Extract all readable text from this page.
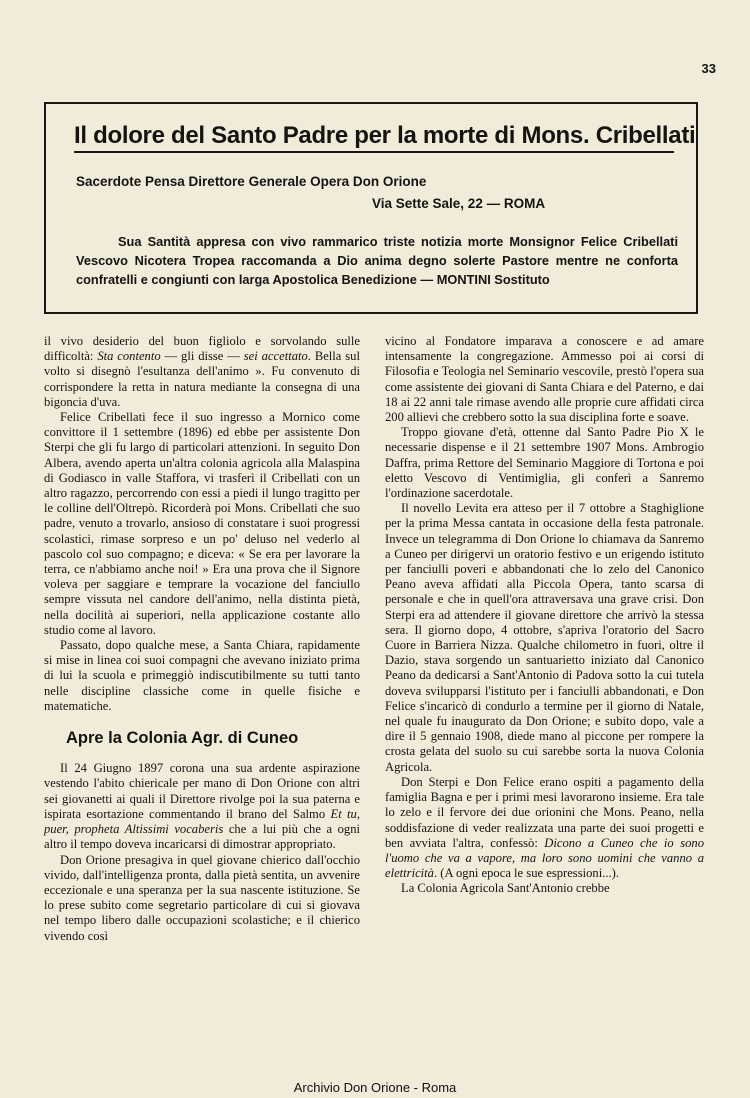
33
Il dolore del Santo Padre per la morte di Mons. Cribellati

Sacerdote Pensa Direttore Generale Opera Don Orione

Via Sette Sale, 22 — ROMA

Sua Santità appresa con vivo rammarico triste notizia morte Monsignor Felice Cribellati Vescovo Nicotera Tropea raccomanda a Dio anima degno solerte Pastore mentre ne conforta confratelli e congiunti con larga Apostolica Benedizione — MONTINI Sostituto

il vivo desiderio del buon figliolo e sorvolando sulle difficoltà: Sta contento — gli disse — sei accettato. Bella sul volto si disegnò l'esultanza dell'animo ». Fu convenuto di corrispondere la retta in natura mediante la consegna di una bigoncia d'uva.

Felice Cribellati fece il suo ingresso a Mornico come convittore il 1 settembre (1896) ed ebbe per assistente Don Sterpi che gli fu largo di particolari attenzioni. In seguito Don Albera, avendo aperta un'altra colonia agricola alla Malaspina di Godiasco in valle Staffora, vi trasferì il Cribellati con un altro ragazzo, percorrendo con essi a piedi il lungo tragitto per le colline dell'Oltrepò. Ricorderà poi Mons. Cribellati che suo padre, venuto a trovarlo, ansioso di constatare i suoi progressi scolastici, rimase sorpreso e un po' deluso nel vederlo al pascolo col suo compagno; e diceva: « Se era per lavorare la terra, ce n'abbiamo anche noi! » Era una prova che il Signore voleva per saggiare e temprare la vocazione del fanciullo sempre vissuta nel candore dell'animo, nella distinta pietà, nella docilità ai superiori, nella applicazione costante allo studio come al lavoro.

Passato, dopo qualche mese, a Santa Chiara, rapidamente si mise in linea coi suoi compagni che avevano iniziato prima di lui la scuola e primeggiò indiscutibilmente su tutti tanto nelle discipline classiche come in quelle fisiche e matematiche.

Apre la Colonia Agr. di Cuneo

Il 24 Giugno 1897 corona una sua ardente aspirazione vestendo l'abito chiericale per mano di Don Orione con altri sei giovanetti ai quali il Direttore rivolge poi la sua paterna e ispirata esortazione commentando il brano del Salmo Et tu, puer, propheta Altissimi vocaberis che a lui più che a ogni altro il tempo doveva incaricarsi di dimostrar appropriato.

Don Orione presagiva in quel giovane chierico dall'occhio vivido, dall'intelligenza pronta, dalla pietà sentita, un avvenire eccezionale e una speranza per la sua nascente istituzione. Se lo prese subito come segretario particolare di cui si giovava nel tempo libero dalle occupazioni scolastiche; e il chierico vivendo così

vicino al Fondatore imparava a conoscere e ad amare intensamente la congregazione. Ammesso poi ai corsi di Filosofia e Teologia nel Seminario vescovile, prestò l'opera sua come assistente dei giovani di Santa Chiara e del Paterno, e dai 18 ai 22 anni tale rimase avendo alle proprie cure affidati circa 200 allievi che crebbero sotto la sua disciplina forte e soave.

Troppo giovane d'età, ottenne dal Santo Padre Pio X le necessarie dispense e il 21 settembre 1907 Mons. Ambrogio Daffra, prima Rettore del Seminario Maggiore di Tortona e poi eletto Vescovo di Ventimiglia, gli conferì a Sanremo l'ordinazione sacerdotale.

Il novello Levita era atteso per il 7 ottobre a Staghiglione per la prima Messa cantata in occasione della festa patronale. Invece un telegramma di Don Orione lo chiamava da Sanremo a Cuneo per dirigervi un oratorio festivo e un erigendo istituto per fanciulli poveri e abbandonati che lo zelo del Canonico Peano aveva affidati alla Piccola Opera, tanto scarsa di personale e che in quell'ora attraversava una grave crisi. Don Sterpi era ad attendere il giovane direttore che arrivò la stessa sera. Il giorno dopo, 4 ottobre, s'apriva l'oratorio del Sacro Cuore in Barriera Nizza. Qualche chilometro in fuori, oltre il Dazio, stava sorgendo un santuarietto iniziato dal Canonico Peano da dedicarsi a Sant'Antonio di Padova sotto la cui tutela doveva svilupparsi l'istituto per i fanciulli abbandonati, e Don Felice s'incaricò di condurlo a termine per il giorno di Natale, nel quale fu inaugurato da Don Orione; e subito dopo, vale a dire il 5 gennaio 1908, diede mano al piccone per rompere la crosta gelata del suolo su cui sarebbe sorta la nuova Colonia Agricola.

Don Sterpi e Don Felice erano ospiti a pagamento della famiglia Bagna e per i primi mesi lavorarono insieme. Era tale lo zelo e il fervore dei due orionini che Mons. Peano, nella soddisfazione di veder realizzata una parte dei suoi progetti e ben avviata l'altra, confessò: Dicono a Cuneo che io sono l'uomo che va a vapore, ma loro sono uomini che vanno a elettricità. (A ogni epoca le sue espressioni...).

La Colonia Agricola Sant'Antonio crebbe

Archivio Don Orione - Roma
